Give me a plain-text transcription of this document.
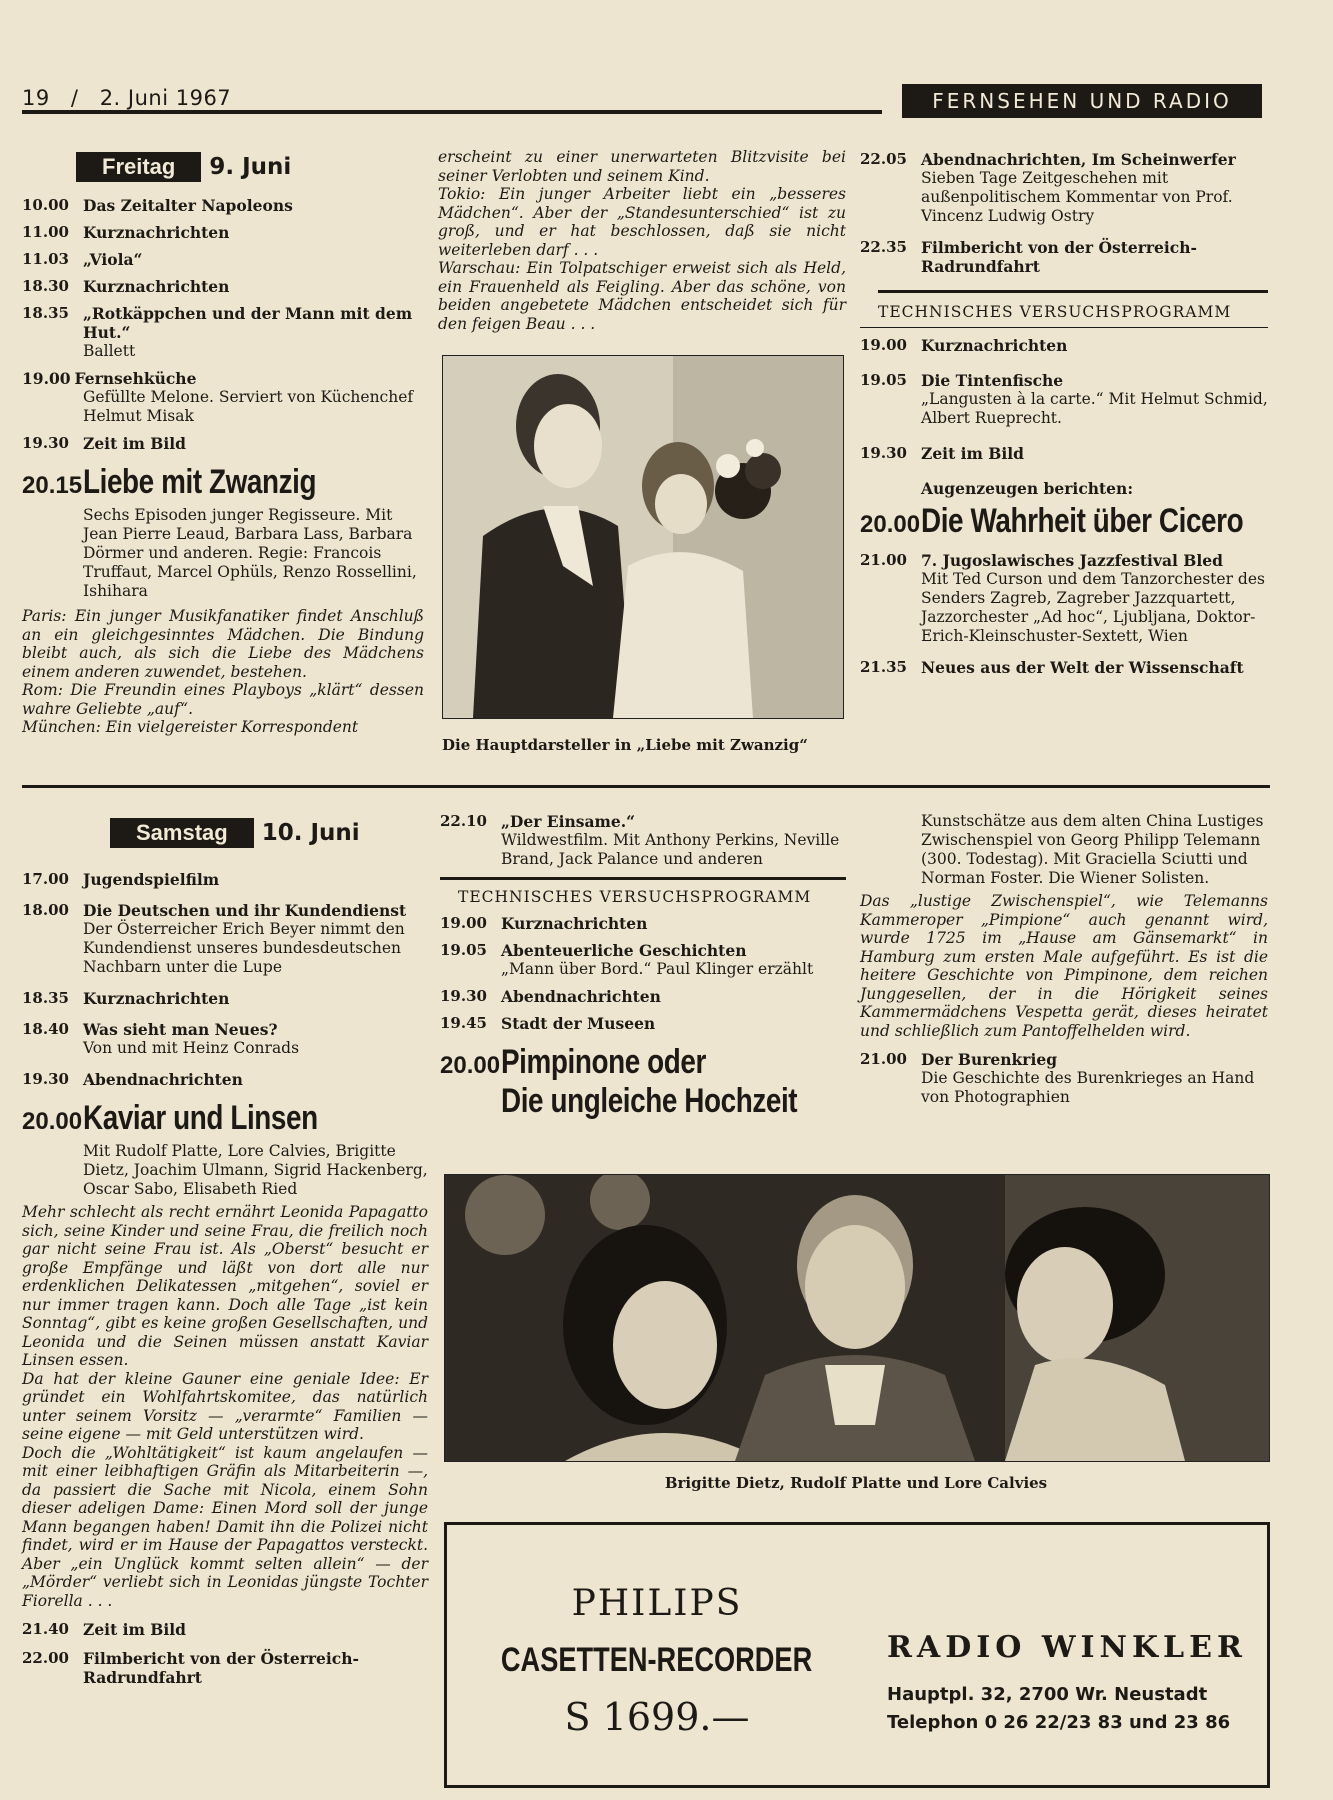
19 / 2. Juni 1967	FERNSEHEN UND RADIO
Freitag 9. Juni
10.00 Das Zeitalter Napoleons
11.00 Kurznachrichten
11.03 „Viola“
18.30 Kurznachrichten
18.35 „Rotkäppchen und der Mann mit dem Hut.“
Ballett
19.00 Fernsehküche
Gefüllte Melone. Serviert von Küchenchef Helmut Misak
19.30 Zeit im Bild
20.15 Liebe mit Zwanzig
Sechs Episoden junger Regisseure. Mit Jean Pierre Leaud, Barbara Lass, Barbara Dörmer und anderen. Regie: Francois Truffaut, Marcel Ophüls, Renzo Rossellini, Ishihara
Paris: Ein junger Musikfanatiker findet Anschluß an ein gleichgesinntes Mädchen. Die Bindung bleibt auch, als sich die Liebe des Mädchens einem anderen zuwendet, bestehen.
Rom: Die Freundin eines Playboys „klärt“ dessen wahre Geliebte „auf“.
München: Ein vielgereister Korrespondent
erscheint zu einer unerwarteten Blitzvisite bei seiner Verlobten und seinem Kind.
Tokio: Ein junger Arbeiter liebt ein „besseres Mädchen“. Aber der „Standesunterschied“ ist zu groß, und er hat beschlossen, daß sie nicht weiterleben darf . . .
Warschau: Ein Tolpatschiger erweist sich als Held, ein Frauenheld als Feigling. Aber das schöne, von beiden angebetete Mädchen entscheidet sich für den feigen Beau . . .
Die Hauptdarsteller in „Liebe mit Zwanzig“
22.05 Abendnachrichten, Im Scheinwerfer
Sieben Tage Zeitgeschehen mit außenpolitischem Kommentar von Prof. Vincenz Ludwig Ostry
22.35 Filmbericht von der Österreich-Radrundfahrt
TECHNISCHES VERSUCHSPROGRAMM
19.00 Kurznachrichten
19.05 Die Tintenfische
„Langusten à la carte.“ Mit Helmut Schmid, Albert Rueprecht.
19.30 Zeit im Bild
Augenzeugen berichten:
20.00 Die Wahrheit über Cicero
21.00 7. Jugoslawisches Jazzfestival Bled
Mit Ted Curson und dem Tanzorchester des Senders Zagreb, Zagreber Jazzquartett, Jazzorchester „Ad hoc“, Ljubljana, Doktor-Erich-Kleinschuster-Sextett, Wien
21.35 Neues aus der Welt der Wissenschaft
Samstag 10. Juni
17.00 Jugendspielfilm
18.00 Die Deutschen und ihr Kundendienst
Der Österreicher Erich Beyer nimmt den Kundendienst unseres bundesdeutschen Nachbarn unter die Lupe
18.35 Kurznachrichten
18.40 Was sieht man Neues?
Von und mit Heinz Conrads
19.30 Abendnachrichten
20.00 Kaviar und Linsen
Mit Rudolf Platte, Lore Calvies, Brigitte Dietz, Joachim Ulmann, Sigrid Hackenberg, Oscar Sabo, Elisabeth Ried
Mehr schlecht als recht ernährt Leonida Papagatto sich, seine Kinder und seine Frau, die freilich noch gar nicht seine Frau ist. Als „Oberst“ besucht er große Empfänge und läßt von dort alle nur erdenklichen Delikatessen „mitgehen“, soviel er nur immer tragen kann. Doch alle Tage „ist kein Sonntag“, gibt es keine großen Gesellschaften, und Leonida und die Seinen müssen anstatt Kaviar Linsen essen.
Da hat der kleine Gauner eine geniale Idee: Er gründet ein Wohlfahrtskomitee, das natürlich unter seinem Vorsitz — „verarmte“ Familien — seine eigene — mit Geld unterstützen wird.
Doch die „Wohltätigkeit“ ist kaum angelaufen — mit einer leibhaftigen Gräfin als Mitarbeiterin —, da passiert die Sache mit Nicola, einem Sohn dieser adeligen Dame: Einen Mord soll der junge Mann begangen haben! Damit ihn die Polizei nicht findet, wird er im Hause der Papagattos versteckt. Aber „ein Unglück kommt selten allein“ — der „Mörder“ verliebt sich in Leonidas jüngste Tochter Fiorella . . .
21.40 Zeit im Bild
22.00 Filmbericht von der Österreich-Radrundfahrt
22.10 „Der Einsame.“
Wildwestfilm. Mit Anthony Perkins, Neville Brand, Jack Palance und anderen
TECHNISCHES VERSUCHSPROGRAMM
19.00 Kurznachrichten
19.05 Abenteuerliche Geschichten
„Mann über Bord.“ Paul Klinger erzählt
19.30 Abendnachrichten
19.45 Stadt der Museen
20.00 Pimpinone oder
Die ungleiche Hochzeit
Kunstschätze aus dem alten China Lustiges Zwischenspiel von Georg Philipp Telemann (300. Todestag). Mit Graciella Sciutti und Norman Foster. Die Wiener Solisten.
Das „lustige Zwischenspiel“, wie Telemanns Kammeroper „Pimpione“ auch genannt wird, wurde 1725 im „Hause am Gänsemarkt“ in Hamburg zum ersten Male aufgeführt. Es ist die heitere Geschichte von Pimpinone, dem reichen Junggesellen, der in die Hörigkeit seines Kammermädchens Vespetta gerät, dieses heiratet und schließlich zum Pantoffelhelden wird.
21.00 Der Burenkrieg
Die Geschichte des Burenkrieges an Hand von Photographien
Brigitte Dietz, Rudolf Platte und Lore Calvies
PHILIPS
CASETTEN-RECORDER
S 1699.—
RADIO WINKLER
Hauptpl. 32, 2700 Wr. Neustadt
Telephon 0 26 22/23 83 und 23 86
